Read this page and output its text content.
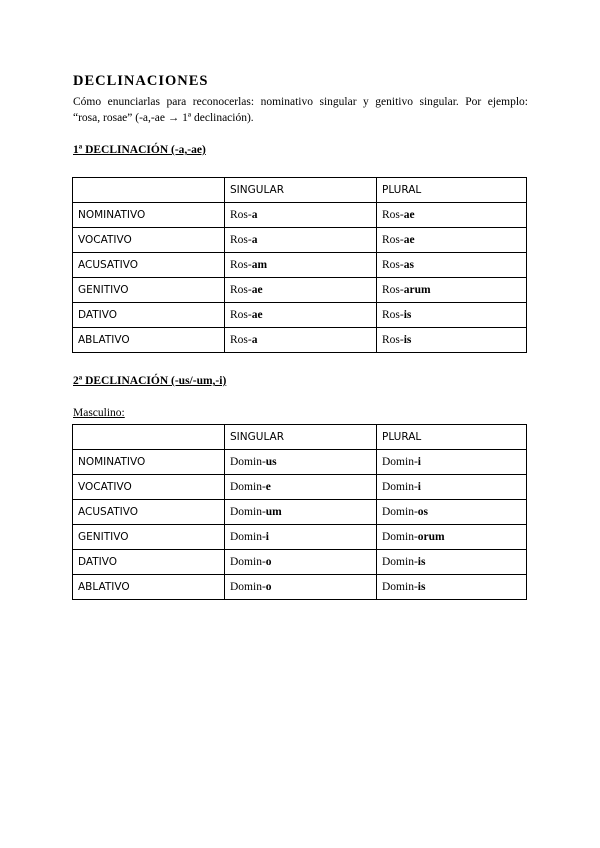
DECLINACIONES
Cómo enunciarlas para reconocerlas: nominativo singular y genitivo singular. Por ejemplo:
“rosa, rosae” (-a,-ae → 1ª declinación).
1ª DECLINACIÓN (-a,-ae)
	SINGULAR	PLURAL
NOMINATIVO	Ros-a	Ros-ae
VOCATIVO	Ros-a	Ros-ae
ACUSATIVO	Ros-am	Ros-as
GENITIVO	Ros-ae	Ros-arum
DATIVO	Ros-ae	Ros-is
ABLATIVO	Ros-a	Ros-is
2ª DECLINACIÓN (-us/-um,-i)
Masculino:
	SINGULAR	PLURAL
NOMINATIVO	Domin-us	Domin-i
VOCATIVO	Domin-e	Domin-i
ACUSATIVO	Domin-um	Domin-os
GENITIVO	Domin-i	Domin-orum
DATIVO	Domin-o	Domin-is
ABLATIVO	Domin-o	Domin-is
